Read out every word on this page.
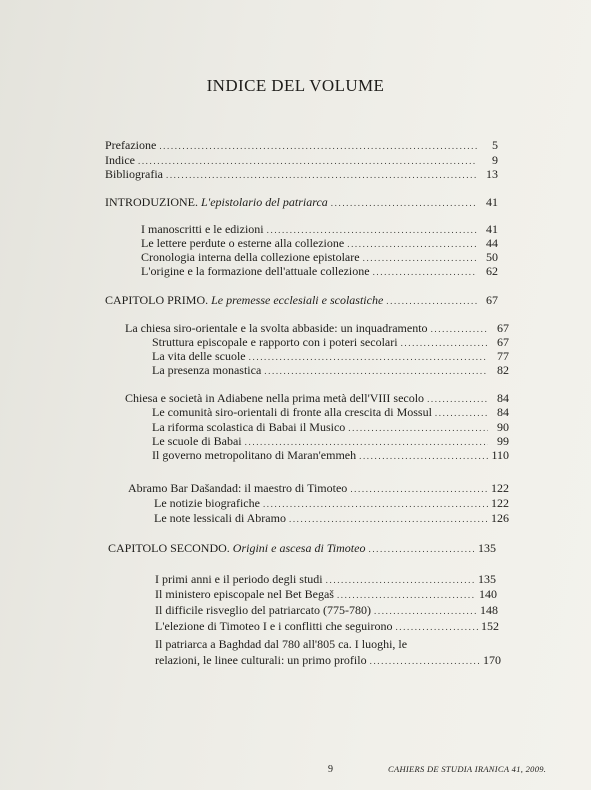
INDICE DEL VOLUME
Prefazione .....	5
Indice .....	9
Bibliografia .....	13
INTRODUZIONE. L'epistolario del patriarca .....	41
I manoscritti e le edizioni .....	41
Le lettere perdute o esterne alla collezione .....	44
Cronologia interna della collezione epistolare .....	50
L'origine e la formazione dell'attuale collezione .....	62
CAPITOLO PRIMO. Le premesse ecclesiali e scolastiche .....	67
La chiesa siro-orientale e la svolta abbaside: un inquadramento .....	67
Struttura episcopale e rapporto con i poteri secolari .....	67
La vita delle scuole .....	77
La presenza monastica .....	82
Chiesa e società in Adiabene nella prima metà dell'VIII secolo .....	84
Le comunità siro-orientali di fronte alla crescita di Mossul .....	84
La riforma scolastica di Babai il Musico .....	90
Le scuole di Babai .....	99
Il governo metropolitano di Maran'emmeh .....	110
Abramo Bar Dašandad: il maestro di Timoteo .....	122
Le notizie biografiche .....	122
Le note lessicali di Abramo .....	126
CAPITOLO SECONDO. Origini e ascesa di Timoteo .....	135
I primi anni e il periodo degli studi .....	135
Il ministero episcopale nel Bet Begaš .....	140
Il difficile risveglio del patriarcato (775-780) .....	148
L'elezione di Timoteo I e i conflitti che seguirono .....	152
Il patriarca a Baghdad dal 780 all'805 ca. I luoghi, le
relazioni, le linee culturali: un primo profilo .....	170
9	CAHIERS DE STUDIA IRANICA 41, 2009.
